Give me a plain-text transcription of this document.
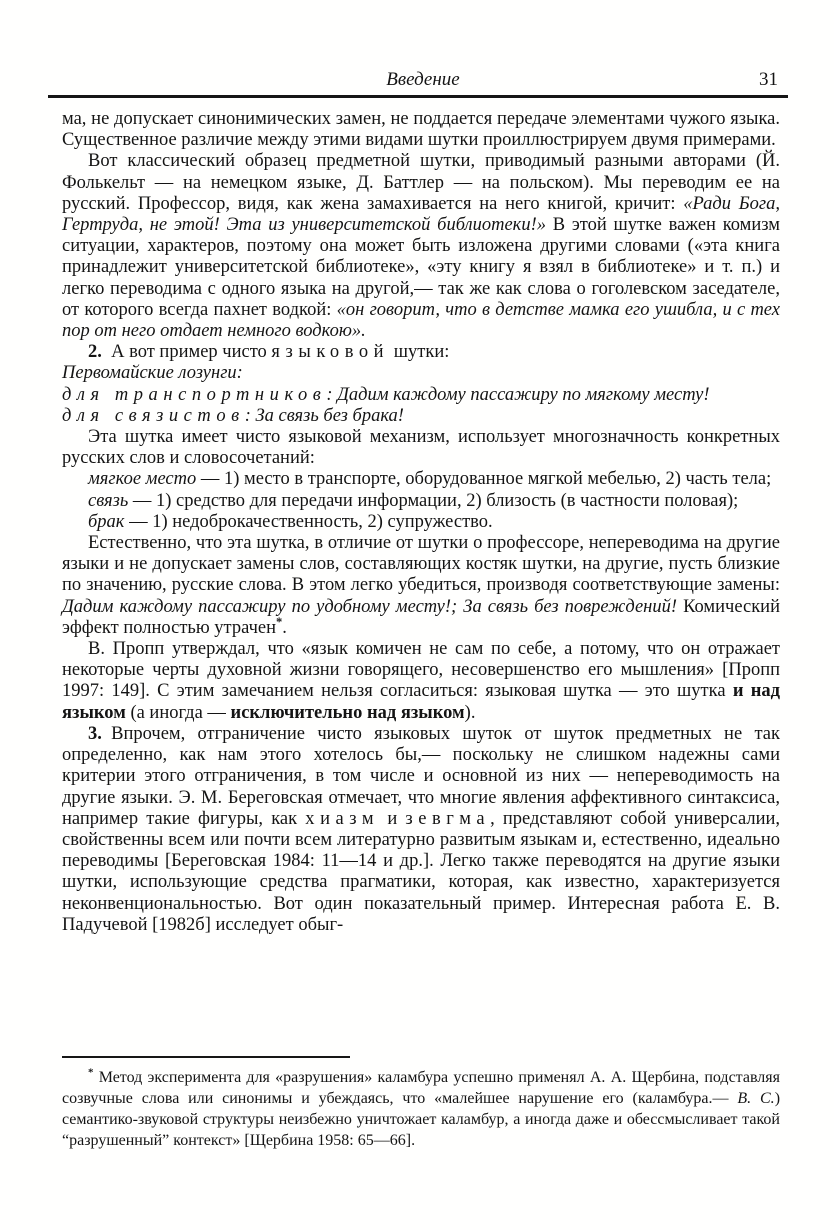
Введение	31

ма, не допускает синонимических замен, не поддается передаче элементами чужого языка. Существенное различие между этими видами шутки проиллюстрируем двумя примерами.

Вот классический образец предметной шутки, приводимый разными авторами (Й. Фолькельт — на немецком языке, Д. Баттлер — на польском). Мы переводим ее на русский. Профессор, видя, как жена замахивается на него книгой, кричит: «Ради Бога, Гертруда, не этой! Эта из университетской библиотеки!» В этой шутке важен комизм ситуации, характеров, поэтому она может быть изложена другими словами («эта книга принадлежит университетской библиотеке», «эту книгу я взял в библиотеке» и т. п.) и легко переводима с одного языка на другой,— так же как слова о гоголевском заседателе, от которого всегда пахнет водкой: «он говорит, что в детстве мамка его ушибла, и с тех пор от него отдает немного водкою».

2. А вот пример чисто языковой шутки:

Первомайские лозунги:

для транспортников: Дадим каждому пассажиру по мягкому месту!

для связистов: За связь без брака!

Эта шутка имеет чисто языковой механизм, использует многозначность конкретных русских слов и словосочетаний:

мягкое место — 1) место в транспорте, оборудованное мягкой мебелью, 2) часть тела;

связь — 1) средство для передачи информации, 2) близость (в частности половая);

брак — 1) недоброкачественность, 2) супружество.

Естественно, что эта шутка, в отличие от шутки о профессоре, непереводима на другие языки и не допускает замены слов, составляющих костяк шутки, на другие, пусть близкие по значению, русские слова. В этом легко убедиться, производя соответствующие замены: Дадим каждому пассажиру по удобному месту!; За связь без повреждений! Комический эффект полностью утрачен*.

В. Пропп утверждал, что «язык комичен не сам по себе, а потому, что он отражает некоторые черты духовной жизни говорящего, несовершенство его мышления» [Пропп 1997: 149]. С этим замечанием нельзя согласиться: языковая шутка — это шутка и над языком (а иногда — исключительно над языком).

3. Впрочем, отграничение чисто языковых шуток от шуток предметных не так определенно, как нам этого хотелось бы,— поскольку не слишком надежны сами критерии этого отграничения, в том числе и основной из них — непереводимость на другие языки. Э. М. Береговская отмечает, что многие явления аффективного синтаксиса, например такие фигуры, как хиазм и зевгма, представляют собой универсалии, свойственны всем или почти всем литературно развитым языкам и, естественно, идеально переводимы [Береговская 1984: 11—14 и др.]. Легко также переводятся на другие языки шутки, использующие средства прагматики, которая, как известно, характеризуется неконвенциональностью. Вот один показательный пример. Интересная работа Е. В. Падучевой [1982б] исследует обыг-

* Метод эксперимента для «разрушения» каламбура успешно применял А. А. Щербина, подставляя созвучные слова или синонимы и убеждаясь, что «малейшее нарушение его (каламбура.— В. С.) семантико-звуковой структуры неизбежно уничтожает каламбур, а иногда даже и обессмысливает такой “разрушенный” контекст» [Щербина 1958: 65—66].
